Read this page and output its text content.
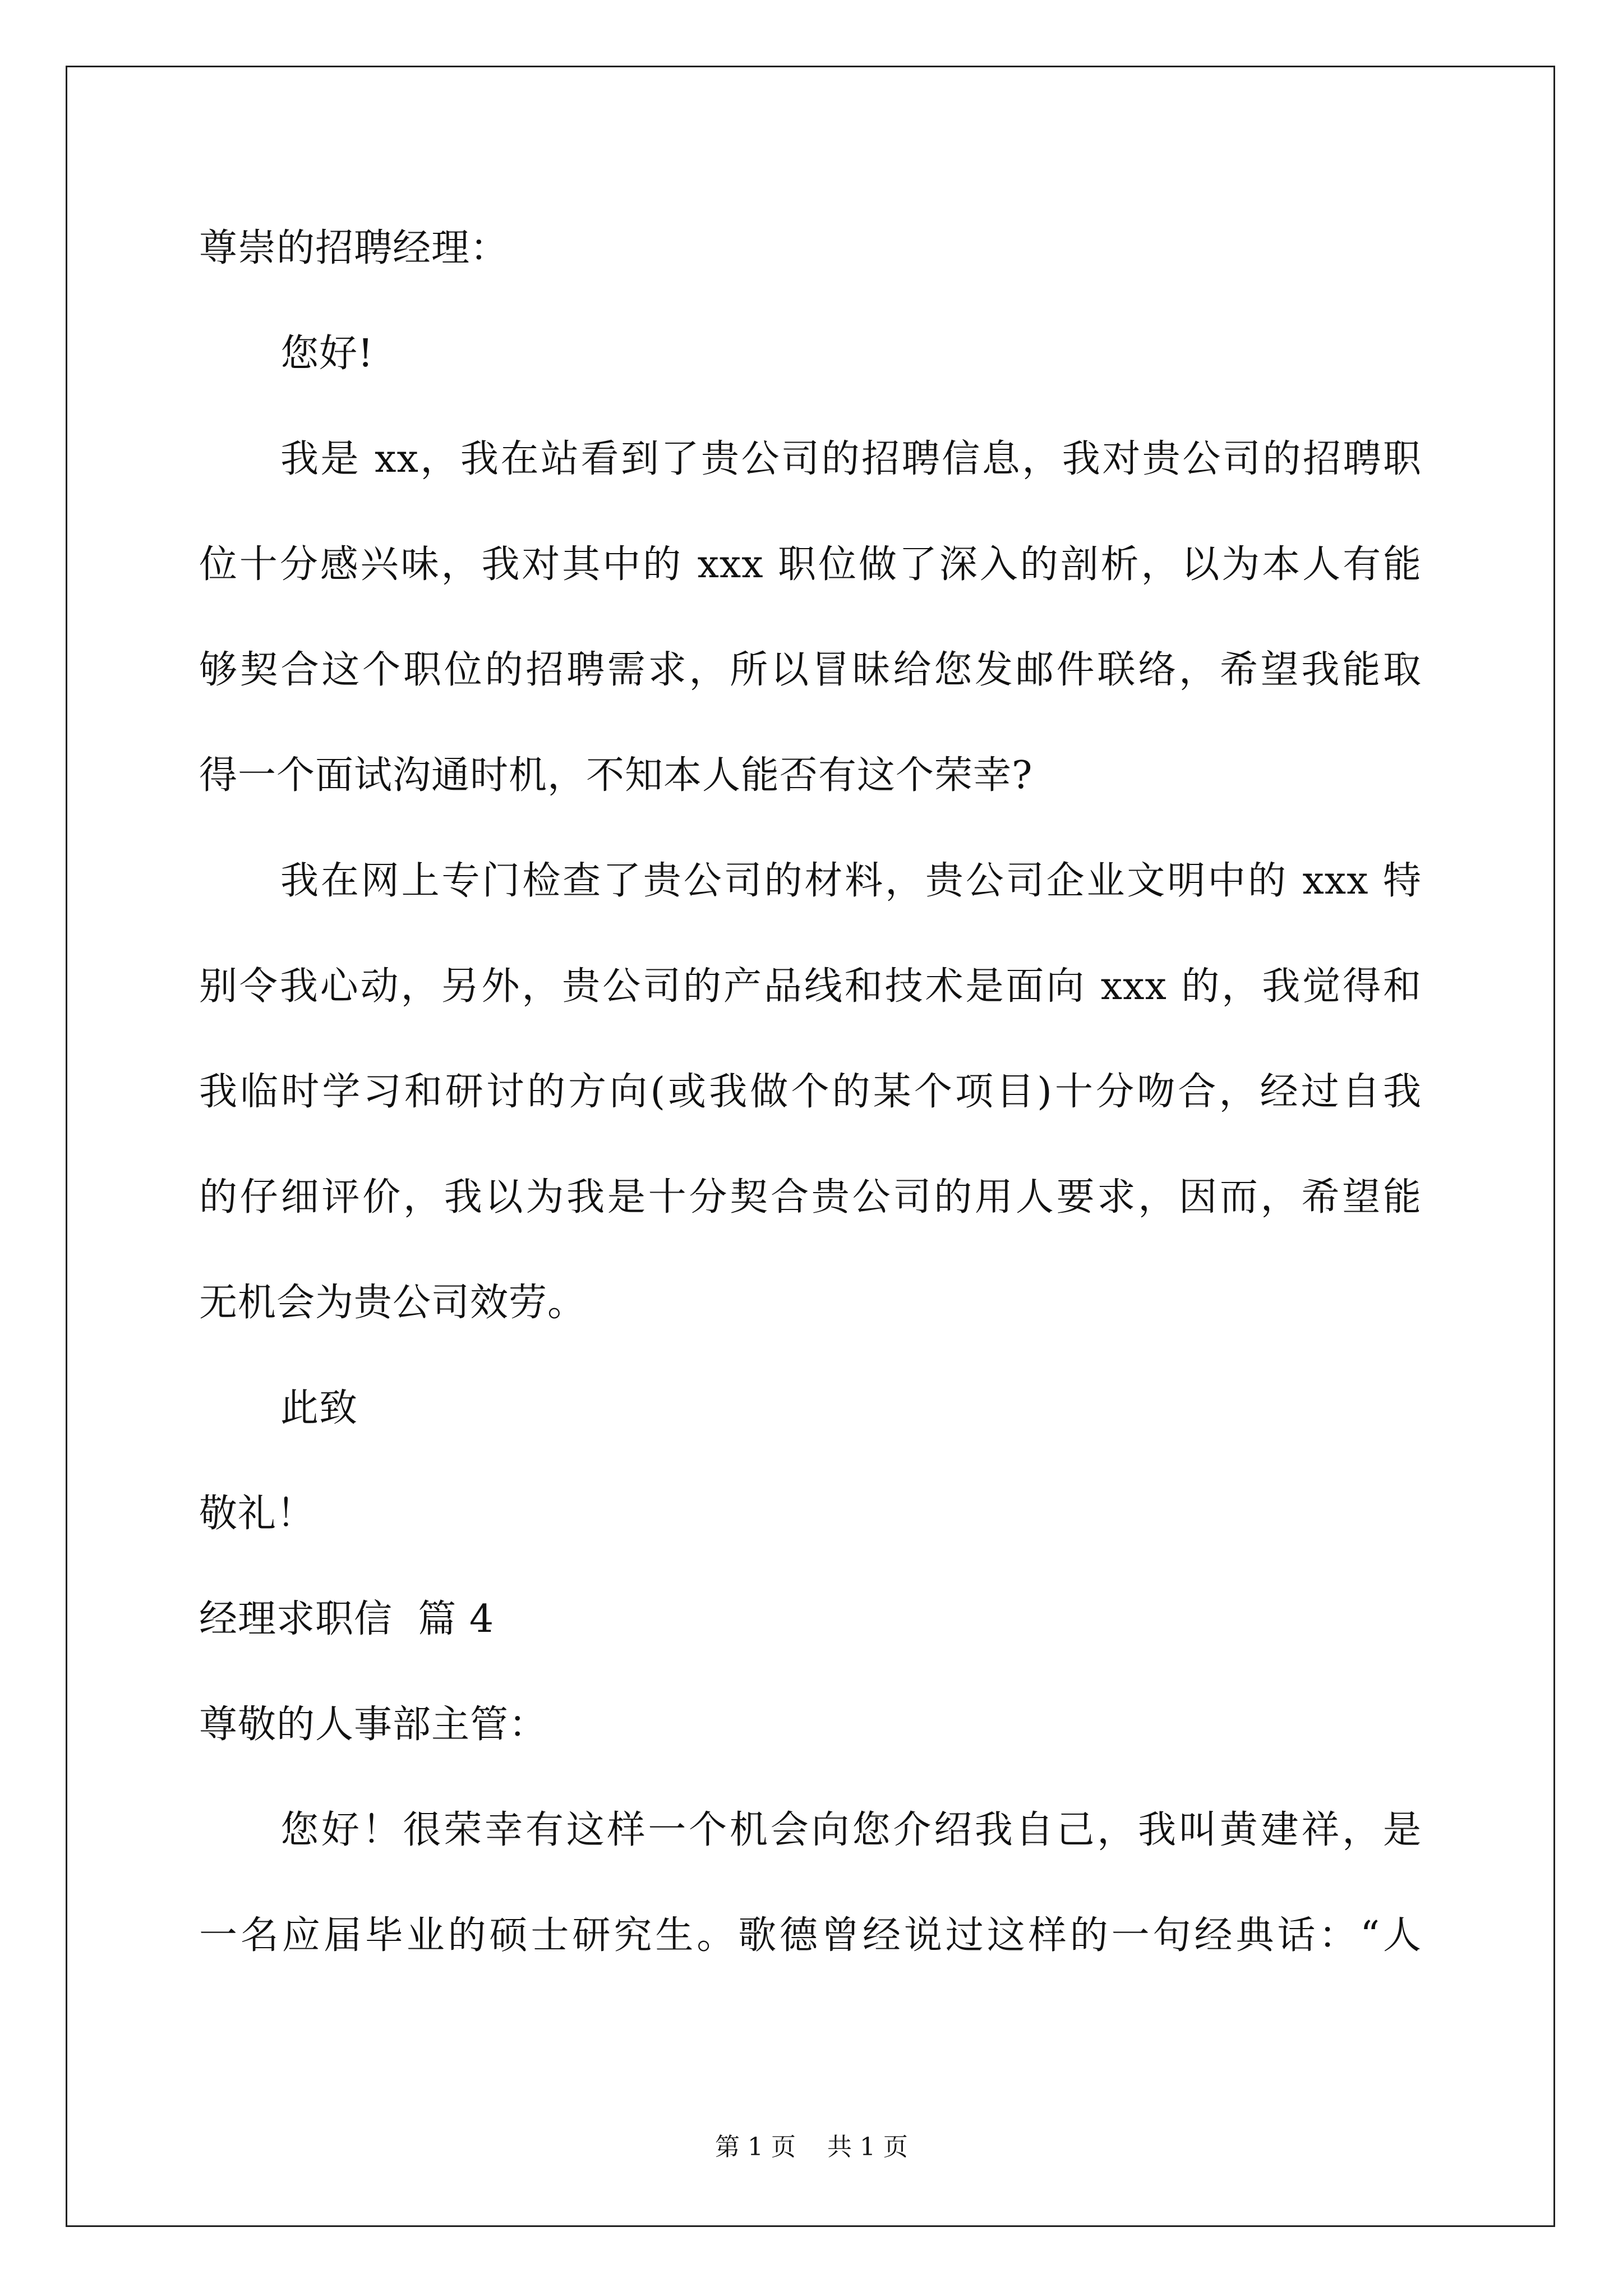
尊崇的招聘经理：
您好!
我是 xx，我在站看到了贵公司的招聘信息，我对贵公司的招聘职
位十分感兴味，我对其中的 xxx 职位做了深入的剖析，以为本人有能
够契合这个职位的招聘需求，所以冒昧给您发邮件联络，希望我能取
得一个面试沟通时机，不知本人能否有这个荣幸?
我在网上专门检查了贵公司的材料，贵公司企业文明中的 xxx 特
别令我心动，另外，贵公司的产品线和技术是面向 xxx 的，我觉得和
我临时学习和研讨的方向(或我做个的某个项目)十分吻合，经过自我
的仔细评价，我以为我是十分契合贵公司的用人要求，因而，希望能
无机会为贵公司效劳。
此致
敬礼！
经理求职信  篇 4
尊敬的人事部主管：
您好！很荣幸有这样一个机会向您介绍我自己，我叫黄建祥，是
一名应届毕业的硕士研究生。歌德曾经说过这样的一句经典话：“人
第 1 页    共 1 页
